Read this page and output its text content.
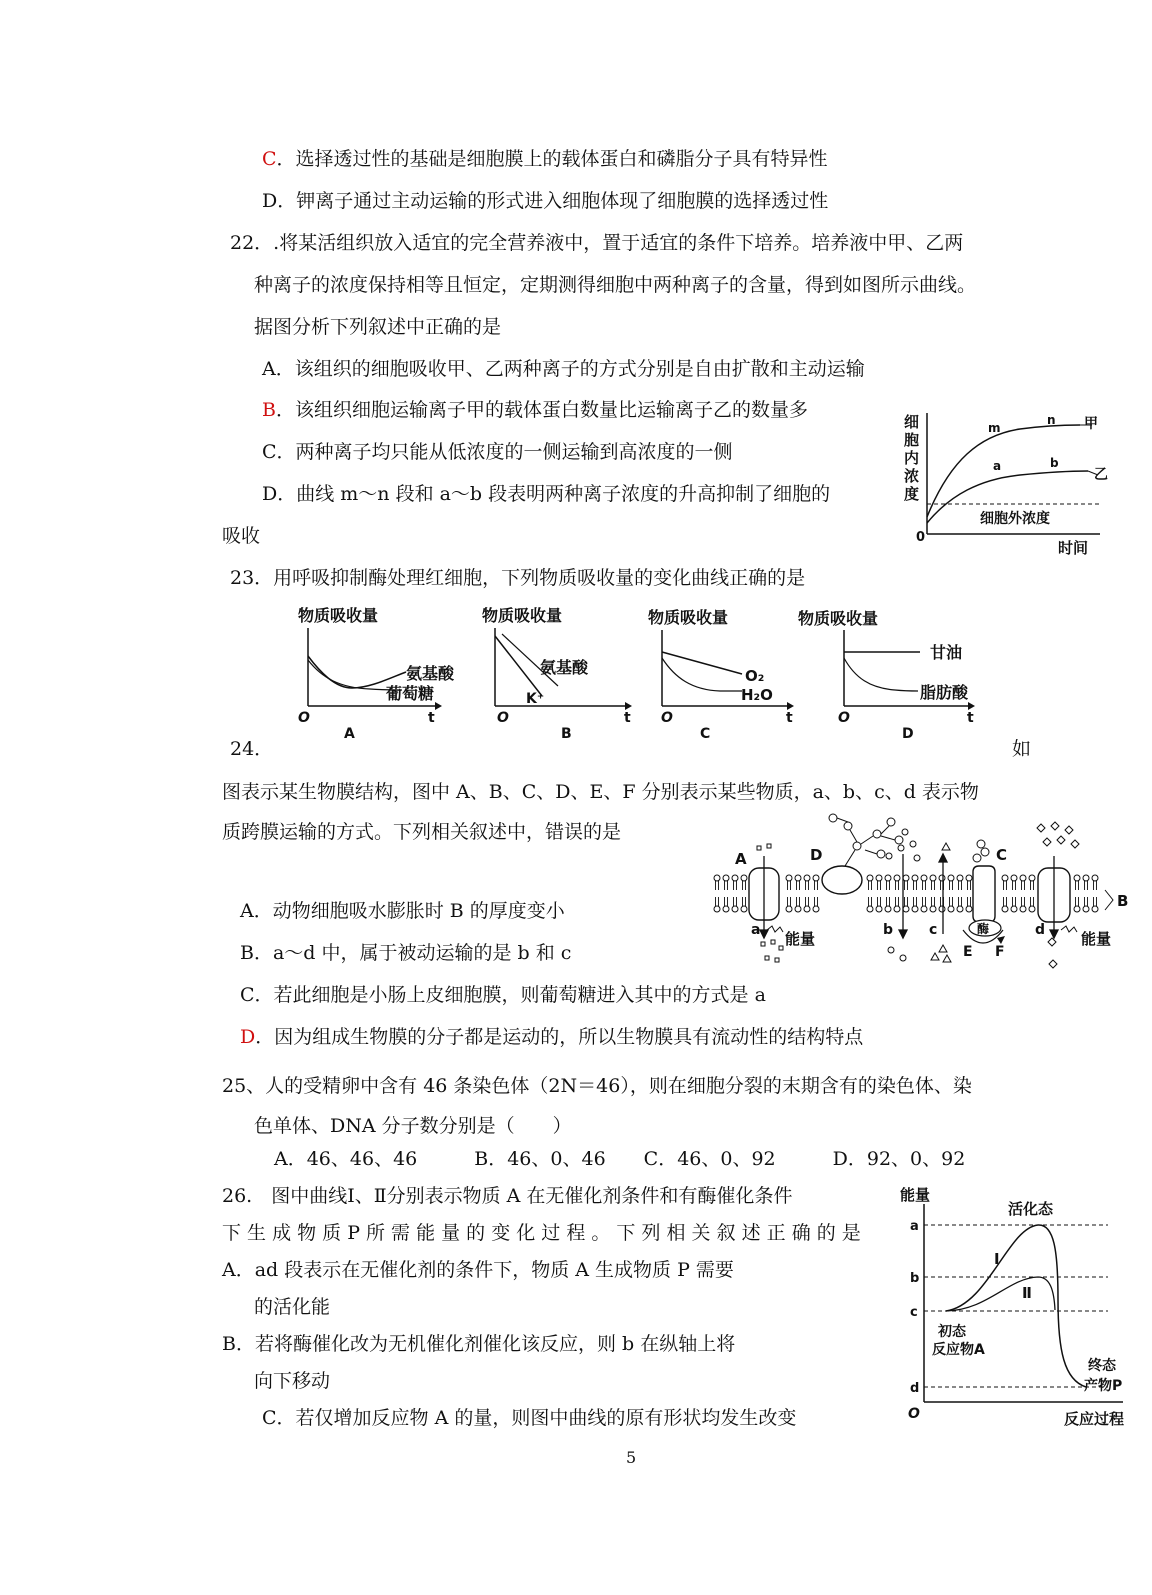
C．选择透过性的基础是细胞膜上的载体蛋白和磷脂分子具有特异性
D．钾离子通过主动运输的形式进入细胞体现了细胞膜的选择透过性
22．.将某活组织放入适宜的完全营养液中，置于适宜的条件下培养。培养液中甲、乙两
种离子的浓度保持相等且恒定，定期测得细胞中两种离子的含量，得到如图所示曲线。
据图分析下列叙述中正确的是
A．该组织的细胞吸收甲、乙两种离子的方式分别是自由扩散和主动运输
B．该组织细胞运输离子甲的载体蛋白数量比运输离子乙的数量多
C．两种离子均只能从低浓度的一侧运输到高浓度的一侧
D．曲线 m～n 段和 a～b 段表明两种离子浓度的升高抑制了细胞的
吸收
细
胞
内
浓
度
0
时间
细胞外浓度
m
n 甲
a	b
乙
23．用呼吸抑制酶处理红细胞，下列物质吸收量的变化曲线正确的是
物质吸收量
O	t
氨基酸
葡萄糖
A
物质吸收量
O	t
氨基酸
K⁺
B
物质吸收量
O	t
O₂
H₂O
C
物质吸收量
O	t
甘油
脂肪酸
D
24．	如
图表示某生物膜结构，图中 A、B、C、D、E、F 分别表示某些物质，a、b、c、d 表示物
质跨膜运输的方式。下列相关叙述中，错误的是
A．动物细胞吸水膨胀时 B 的厚度变小
B．a～d 中，属于被动运输的是 b 和 c
C．若此细胞是小肠上皮细胞膜，则葡萄糖进入其中的方式是 a
D．因为组成生物膜的分子都是运动的，所以生物膜具有流动性的结构特点
A	D	C
B
a 能量	b	c	酶
E F
d 能量
25、人的受精卵中含有 46 条染色体（2N＝46），则在细胞分裂的末期含有的染色体、染
色单体、DNA 分子数分别是（　　）
A．46、46、46　　　B．46、0、46　　C．46、0、92　　　D．92、0、92
26.　图中曲线Ⅰ、Ⅱ分别表示物质 A 在无催化剂条件和有酶催化条件
下 生 成 物 质 P 所 需 能 量 的 变 化 过 程 。 下 列 相 关 叙 述 正 确 的 是
A．ad 段表示在无催化剂的条件下，物质 A 生成物质 P 需要
的活化能
B．若将酶催化改为无机催化剂催化该反应，则 b 在纵轴上将
向下移动
C．若仅增加反应物 A 的量，则图中曲线的原有形状均发生改变
能量
O	反应过程
a
b
c
d
活化态
Ⅰ
Ⅱ
初态
反应物A
终态
产物P
5
